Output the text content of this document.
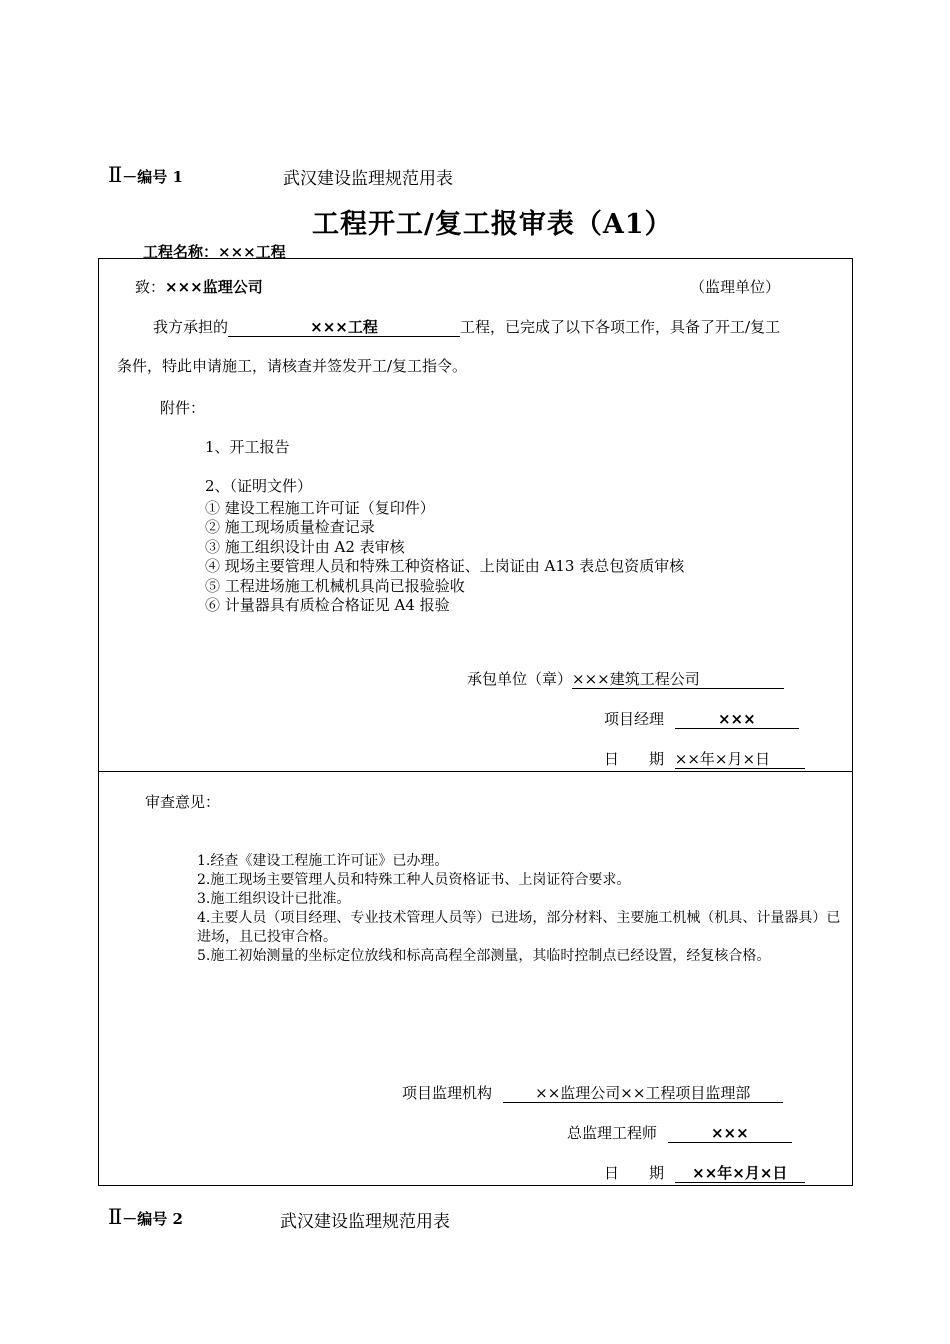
Ⅱ－编号 1	武汉建设监理规范用表
工程开工/复工报审表（A1）
工程名称：×××工程
致：×××监理公司	（监理单位）
我方承担的	×××工程	工程，已完成了以下各项工作，具备了开工/复工
条件，特此申请施工，请核查并签发开工/复工指令。
附件：
1、开工报告
2、（证明文件）
① 建设工程施工许可证（复印件）
② 施工现场质量检查记录
③ 施工组织设计由 A2 表审核
④ 现场主要管理人员和特殊工种资格证、上岗证由 A13 表总包资质审核
⑤ 工程进场施工机械机具尚已报验验收
⑥ 计量器具有质检合格证见 A4 报验
承包单位（章）×××建筑工程公司
项目经理	×××
日　　期 ××年×月×日
审查意见：
1.经查《建设工程施工许可证》已办理。
2.施工现场主要管理人员和特殊工种人员资格证书、上岗证符合要求。
3.施工组织设计已批准。
4.主要人员（项目经理、专业技术管理人员等）已进场，部分材料、主要施工机械（机具、计量器具）已进场，且已投审合格。
5.施工初始测量的坐标定位放线和标高高程全部测量，其临时控制点已经设置，经复核合格。
项目监理机构	××监理公司××工程项目监理部
总监理工程师	×××
日　　期 ××年×月×日
Ⅱ－编号 2	武汉建设监理规范用表
